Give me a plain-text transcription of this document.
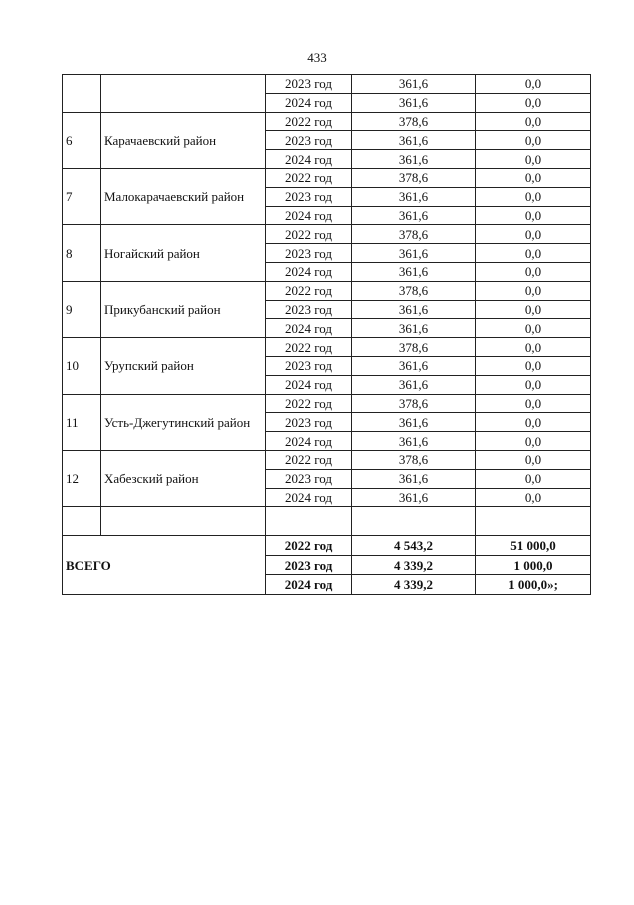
433
		2023 год	361,6	0,0
		2024 год	361,6	0,0
6	Карачаевский район	2022 год	378,6	0,0
		2023 год	361,6	0,0
		2024 год	361,6	0,0
7	Малокарачаевский район	2022 год	378,6	0,0
		2023 год	361,6	0,0
		2024 год	361,6	0,0
8	Ногайский район	2022 год	378,6	0,0
		2023 год	361,6	0,0
		2024 год	361,6	0,0
9	Прикубанский район	2022 год	378,6	0,0
		2023 год	361,6	0,0
		2024 год	361,6	0,0
10	Урупский район	2022 год	378,6	0,0
		2023 год	361,6	0,0
		2024 год	361,6	0,0
11	Усть-Джегутинский район	2022 год	378,6	0,0
		2023 год	361,6	0,0
		2024 год	361,6	0,0
12	Хабезский район	2022 год	378,6	0,0
		2023 год	361,6	0,0
		2024 год	361,6	0,0

ВСЕГО		2022 год	4 543,2	51 000,0
		2023 год	4 339,2	1 000,0
		2024 год	4 339,2	1 000,0»;
